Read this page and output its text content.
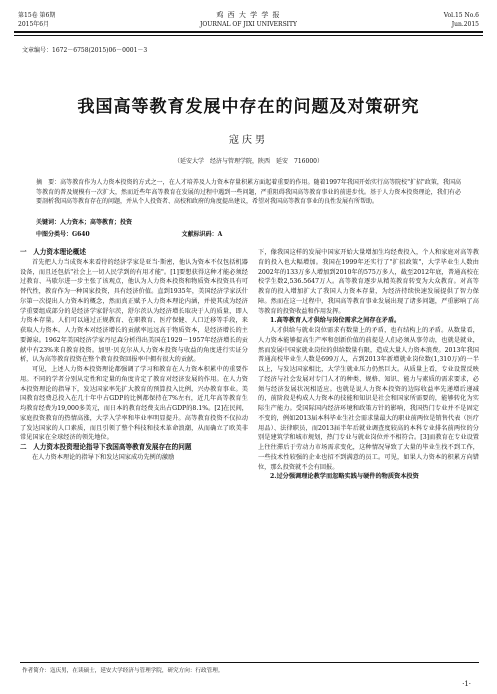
第15卷 第6期
2015年6月
鸡 西 大 学 学 报
JOURNAL OF JIXI UNIVERSITY
Vol.15 No.6
Jun.2015
文章编号：1672－6758(2015)06－0001－3
我国高等教育发展中存在的问题及对策研究
寇庆男
（延安大学　经济与管理学院，陕西　延安　716000）
摘　要：高等教育作为人力资本投资的方式之一，在人才培养及人力资本存量积累方面起着重要的作用。随着1997年我国开始实行高等院校"扩招"政策，我国高等教育的普及规模有一次扩大，然而近些年高等教育在发展的过程中遇到一些问题，严重阻碍我国高等教育事业的前进步伐。基于人力资本投资理论，我们有必要剖析我国高等教育存在的问题，并从个人投资者、高校和政府的角度提出建议，希望对我国高等教育事业的良性发展有所帮助。
关键词：人力资本；高等教育；投资
中图分类号：G640	文献标识码：A
一　人力资本理论概述

首先把人力当成资本来看待的经济学家是亚当·斯密，他认为资本不仅包括机器设备，而且还包括"社会上一切人民学到的有用才能"。[1]要想获得这种才能必须经过教育、马歇尔进一步主张了该观点，他认为人力资本投资和物质资本投资具有可替代性，教育作为一种国家投资，具有经济价值。直到1935年，美国经济学家沃什尔第一次提出人力资本的概念，然而真正赋予人力资本理论内涵，并使其成为经济学重要组成部分的是经济学家舒尔茨，舒尔茨认为经济增长取决于人的质量，即人力资本存量。人们可以通过正规教育、在职教育、医疗保健、人口迁移等手段，来获取人力资本。人力资本对经济增长的贡献率远远高于物质资本，是经济增长的主要源泉。1962年美国经济学家丹尼森分析得出美国在1929－1957年经济增长的贡献中有23%来自教育投资。加里·贝克尔从人力资本投资与收益的角度进行实证分析，认为高等教育投资在整个教育投资回报率中拥有很大的贡献。

可见，上述人力资本投资理论都强调了学习和教育在人力资本积累中的重要作用。不同的学者分别从定性和定量的角度肯定了教育对经济发展的作用。在人力资本投资理论的指导下，发达国家率先扩大教育的预算投入比例，兴办教育事业。美国教育经费总投入在几十年中占GDP的比例都保持在7%左右，近几年高等教育生均教育经费为19,000多美元，而日本的教育经费支出占GDP的8.1%。[2]在民间，家庭投资教育的热情高涨，大学入学率和毕业率明显提升。高等教育投资不仅拉动了发达国家的人口素质，而且引领了整个科技和技术革命浪潮，从而确立了欧美非常见国家在全球经济的领先地位。

二　人力资本投资理论指导下我国高等教育发展存在的问题

在人力资本理论的指导下和发达国家成功先例的激励

下，像我国这样的发展中国家开始大量增加生均经费投入，个人和家庭对高等教育的投入也大幅增加。我国在1999年还实行了"扩招政策"，大学毕业生人数由2002年的133万多人增加到2010年的575万多人，截至2012年底，普通高校在校学生数2,536.5647万人。高等教育逐步从精英教育转变为大众教育。对高等教育的投入增加扩大了我国人力资本存量，为经济持续快速发展提供了智力保障。然而在这一过程中，我国高等教育事业发展出现了诸多问题，严重影响了高等教育的投资收益和作用发挥。

1.高等教育人才供给与岗位需求之间存在矛盾。

人才供给与就业岗位需求有数量上的矛盾，也有结构上的矛盾。从数量看，人力资本能够提高生产率和创新价值的前提是人们必须从事劳动，也就是就业，然而发展中国家就业岗位的供给数量有限，造成大量人力资本浪费。2013年我国普通高校毕业生人数是699万人，占到2013年新增就业岗位数(1,310万)的一半以上，与发达国家相比，大学生就业压力仍然巨大。从质量上看，专业设置反映了经济与社会发展对专门人才的种类、规格、知识、能力与素质的需求要求，必须与经济发展状况相适应。也就是说人力资本投资的边际收益率先递增后递减的，前阶段是构成人力资本的技能和知识是社会和国家所需要的，能够转化为实际生产能力。受国际国内经济环境和政策方针的影响，我国热门专业并不是固定不变的，例如2013届本科毕业生社会需求量最大的职业前两位是销售代表（医疗用品）、法律职员，而2013届半年后就业调查度较高的本科专业排名前两位的分别是建筑学和城市规划，热门专业与就业岗位并不相符合。[3]而教育在专业设置上往往滞后于劳动力市场需求变化，这种情况导致了大量的毕业生找不到工作，一些技术性较强的企业也招不到满意的员工。可见，如果人力资本的积累方向错位，那么投资就不会有回报。

2.过分强调理论教学而忽略实践与硬件的物质资本投资

作者简介：寇庆男，在读硕士，延安大学经济与管理学院，研究方向：行政管理。
·1·
